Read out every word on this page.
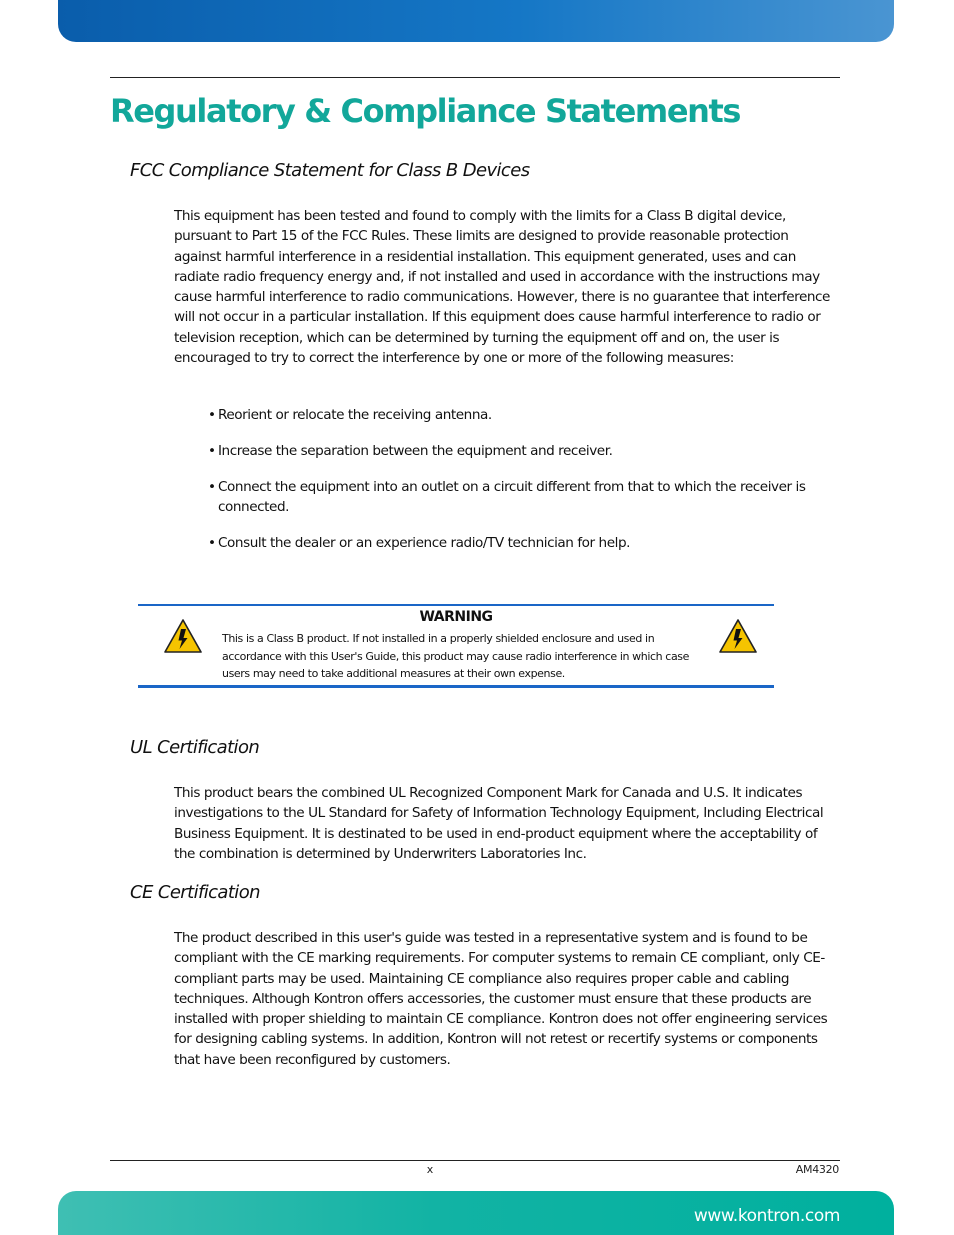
Regulatory & Compliance Statements
FCC Compliance Statement for Class B Devices

This equipment has been tested and found to comply with the limits for a Class B digital device, pursuant to Part 15 of the FCC Rules. These limits are designed to provide reasonable protection against harmful interference in a residential installation. This equipment generated, uses and can radiate radio frequency energy and, if not installed and used in accordance with the instructions may cause harmful interference to radio communications. However, there is no guarantee that interference will not occur in a particular installation. If this equipment does cause harmful interference to radio or television reception, which can be determined by turning the equipment off and on, the user is encouraged to try to correct the interference by one or more of the following measures:

• Reorient or relocate the receiving antenna.
• Increase the separation between the equipment and receiver.
• Connect the equipment into an outlet on a circuit different from that to which the receiver is connected.
• Consult the dealer or an experience radio/TV technician for help.

WARNING

This is a Class B product. If not installed in a properly shielded enclosure and used in accordance with this User's Guide, this product may cause radio interference in which case users may need to take additional measures at their own expense.

UL Certification

This product bears the combined UL Recognized Component Mark for Canada and U.S. It indicates investigations to the UL Standard for Safety of Information Technology Equipment, Including Electrical Business Equipment. It is destinated to be used in end-product equipment where the acceptability of the combination is determined by Underwriters Laboratories Inc.

CE Certification

The product described in this user's guide was tested in a representative system and is found to be compliant with the CE marking requirements. For computer systems to remain CE compliant, only CE-compliant parts may be used. Maintaining CE compliance also requires proper cable and cabling techniques. Although Kontron offers accessories, the customer must ensure that these products are installed with proper shielding to maintain CE compliance. Kontron does not offer engineering services for designing cabling systems. In addition, Kontron will not retest or recertify systems or components that have been reconfigured by customers.

x	AM4320
www.kontron.com
